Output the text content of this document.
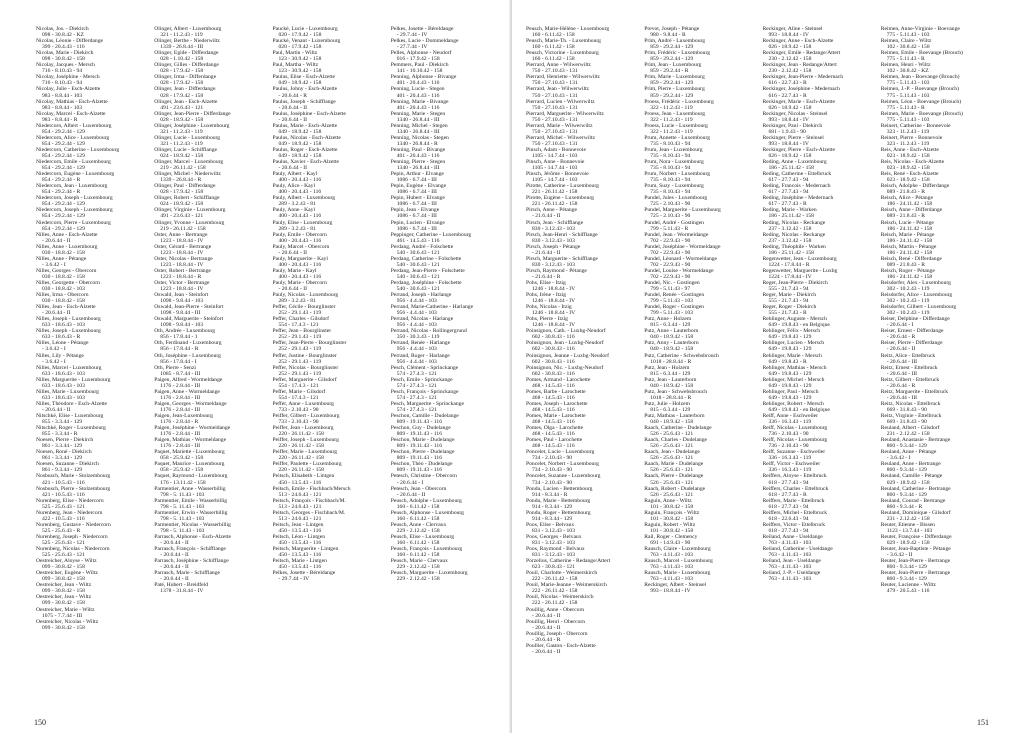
Nicolas, Jos. - Diekirch
098 - 30.8.42 - KZ
Nicolas, Léonie - Differdange
399 - 20.4.43 - 116
Nicolas, Marie - Diekirch
098 - 30.8.42 - 158
Nicolay, Jacques - Mersch
716 - 8.10.43 - 94
Nicolay, Joséphine - Mersch
716 - 8.10.43 - 94
Nicolay, Julie - Esch-Alzette
983 - 8.8.44 - 103
Nicolay, Mathias - Esch-Alzette
983 - 8.8.44 - 103
Nicolay, Marcel - Esch-Alzette
983 - 8.8.44 - R
Niedercorn, Albert - Luxembourg
854 - 29.2.44 - 129
Niedercorn, Alice - Luxembourg
854 - 29.2.44 - 129
Niedercorn, Catherine - Luxembourg
854 - 29.2.44 - 129
Niedercorn, Emile - Luxembourg
854 - 29.2.44 - 129
Niedercorn, Eugène - Luxembourg
854 - 29.2.44 - R
Niedercorn, Jean - Luxembourg
854 - 29.2.44 - R
Niedercorn, Joseph - Luxembourg
854 - 29.2.44 - 129
Niedercorn, Joseph - Luxembourg
854 - 29.2.44 - 129
Niedercorn, Pierre - Luxembourg
854 - 29.2.44 - 129
Nilles, Anne - Esch-Alzette
- 20.6.44 - II
Nilles, Anne - Luxembourg
030 - 18.8.42 - 158
Nilles, Anne - Pétange
- 3.6.42 - I
Nilles, Georges - Obercorn
030 - 18.8.42 - 158
Nilles, Georgette - Obercorn
030 - 18.8.42 - 103
Nilles, Irma - Obercorn
030 - 18.8.42 - 158
Nilles, Jean - Esch-Alzette
- 20.6.44 - II
Nilles, Joseph - Luxembourg
633 - 18.6.43 - 103
Nilles, Joseph - Luxembourg
633 - 18.6.43 - R
Nilles, Léone - Pétange
- 3.6.42 - I
Nilles, Lily - Pétange
- 3.6.42 - I
Nilles, Marcel - Luxembourg
633 - 18.6.43 - 103
Nilles, Marguerite - Luxembourg
633 - 18.6.43 - 103
Nilles, Marie - Luxembourg
633 - 18.6.43 - 103
Nilles, Théodore - Esch-Alzette
- 20.6.44 - II
Nitschké, Elise - Luxembourg
855 - 3.3.44 - 129
Nitschké, Roger - Luxembourg
855 - 3.3.44 - R
Noesen, Pierre - Diekirch
861 - 3.3.44 - 129
Noesen, Roné - Diekirch
861 - 3.3.44 - 129
Noesen, Suzanne - Diekirch
861 - 9.3.44 - 129
Nosbusch, Marie - Stolzembourg
421 - 10.5.43 - 116
Nosbusch, Pierre - Stolzembourg
421 - 10.5.43 - 116
Nurenberg, Elise - Niedercorn
525 - 25.6.43 - 121
Nurenberg, Jean - Niedercorn
422 - 10.5.43 - 116
Nurenberg, Gustave - Niedercorn
525 - 25.6.43 - R
Nurenberg, Joseph - Niedercorn
525 - 25.6.43 - 121
Nurenberg, Nicolas - Niedercorn
525 - 25.6.43 - 121
Oestreicher, Aloyse - Wiltz
099 - 30.8.42 - 158
Oestreicher, Eugène - Wiltz
099 - 30.8.42 - 158
Oestreicher, Jean - Wiltz
099 - 30.8.42 - 158
Oestreicher, Jean - Wiltz
099 - 30.8.42 - 158
Oestreicher, Marie - Wiltz
1075 - 7.7.44 - III
Oestreicher, Nicolas - Wiltz
099 - 30.8.42 - 158
Olinger, Albert - Luxembourg
321 - 11.2.43 - 119
Olinger, Berthe - Niederwiltz
1339 - 26.8.44 - III
Olinger, Egide - Differdange
028 - 1.10.42 - 158
Olinger, Gilles - Differdange
028 - 17.9.42 - 158
Olinger, Irma - Differdange
028 - 17.9.42 - 158
Olinger, Jean - Differdange
028 - 17.9.42 - 158
Olinger, Jean - Esch-Alzette
491 - 23.6.43 - 121
Olinger, Jean-Pierre - Differdange
028 - 18.9.42 - 158
Olinger, Joséphine - Luxembourg
321 - 11.2.43 - 119
Olinger, Lucie - Luxembourg
321 - 11.2.43 - 119
Olinger, Lucie - Schifflange
024 - 18.9.42 - 158
Olinger, Marcel - Luxembourg
219 - 26.11.42 - 158
Olinger, Michel - Niederwiltz
1339 - 26.8.44 - R
Olinger, Paul - Differdange
028 - 17.9.42 - 158
Olinger, Robert - Schifflange
024 - 18.9.42 - 158
Olinger, Virginie - Luxembourg
491 - 23.6.43 - 121
Olinger, Yvonne - Luxembourg
219 - 26.11.42 - 158
Oster, Anne - Bertrange
1223 - 18.8.44 - IV
Oster, Gérard - Bertrange
1223 - 18.8.44 - IV
Oster, Nicolas - Bertrange
1223 - 18.8.44 - IV
Oster, Robert - Bertrange
1223 - 18.8.44 - R
Oster, Victor - Bertrange
1223 - 18.8.44 - IV
Oswald, Jean - Steinfort
1098 - 9.8.44 - 103
Oswald, Jean-Pierre - Steinfort
1098 - 9.8.44 - III
Oswald, Marguerite - Steinfort
1098 - 9.8.44 - 103
Oth, Andrée - Luxembourg
856 - 17.8.44 - 1
Oth, Ferdinand - Luxembourg
856 - 17.8.44 - R
Oth, Joséphine - Luxembourg
856 - 17.8.44 - I
Oth, Pierre - Senzi
1085 - 8.7.44 - III
Paigen, Alfred - Wormeldange
1176 - 2.8.44 - III
Paigen, Anne - Wormeldange
1176 - 2.8.44 - III
Paigen, Georges - Wormeldange
1176 - 2.8.44 - III
Paigen, Jean-Luxembourg
1176 - 2.8.44 - R
Paigen, Joséphine - Wormeldange
1176 - 2.8.44 - III
Paigen, Mathias - Wormeldange
1176 - 2.8.44 - III
Paquet, Mariette - Luxembourg
058 - 25.9.42 - 158
Paquet, Maurice - Luxembourg
058 - 25.9.42 - 158
Paquet, Raymond - Luxembourg
176 - 13.11.42 - 158
Parmentier, Anne - Wasserbillig
798 - 5. 11.43 - 103
Parmentier, Emile - Wasserbillig
798 - 5. 11.43 - 103
Parmentier, Erwin - Wasserbillig
798 - 5. 11.43 - 103
Parmentier, Nicolas - Wasserbillig
798 - 5. 11.43 - 103
Parrasch, Alphonse - Esch-Alzette
- 20.6.44 - II
Parrasch, François - Schifflange
- 20.6.44 - II
Parrasch, Joséphine - Schifflange
- 20.6.44 - II
Parrasch, Marie - Schifflange
- 20.6.44 - II
Paté, Hubert - Breidfeld
1378 - 31.8.44 - IV
Paucké, Lucie - Luxembourg
020 - 17.9.42 - 158
Paucké, Venant - Luxembourg
020 - 17.9.42 - 158
Paul, Martin - Wiltz
123 - 30.9.42 - 158
Paul, Martha - Wiltz
123 - 30.9.42 - 158
Paulus, Elise - Esch-Alzette
049 - 18.9.42 - 158
Paulus, Johny - Esch-Alzette
- 20.6.44 - R
Paulus, Joseph - Schifflange
- 20.6.44 - II
Paulus, Joséphine - Esch-Alzette
- 20.6.44 - II
Paulus, Marie - Esch-Alzette
049 - 18.9.42 - 158
Paulus, Nicolas - Esch-Alzette
049 - 18.9.42 - 158
Paulus, Roger - Esch-Alzette
049 - 18.9.42 - 158
Paulus, Xavier - Esch-Alzette
- 20.6.44 - II
Pauly, Albert - Kayl
400 - 20.4.43 - 116
Pauly, Alice - Kayl
400 - 20.4.43 - 116
Pauly, Albert - Luxembourg
289 - 3.2.43 - 81
Pauly, Anne - Kayl
400 - 20.4.43 - 116
Pauly, Elise - Luxembourg
289 - 3.2.43 - 81
Pauly, Emile - Obercorn
400 - 20.4.43 - 116
Pauly, Marcel - Obercorn
- 20.6.44 - II
Pauly, Marguerite - Kayl
400 - 20.4.43 - 116
Pauly, Marie - Kayl
400 - 20.4.43 - 116
Pauly, Marie - Obercorn
- 20.6.44 - II
Pauly, Nicolas - Luxembourg
289 - 3.2.43 - 81
Peffer, Cécile - Bourglinster
252 - 29.1.43 - 119
Peffer, Charles - Gilsdorf
554 - 17.4.3 - 121
Peffer, Jean - Bourglinster
252 - 29.1.43 - 119
Peffer, Jean-Pierre - Bourglinster
252 - 29.1.43 - 119
Peffer, Justine - Bourglinster
252 - 29.1.43 - 119
Peffer, Nicolas - Bourglinster
252 - 29.1.43 - 119
Peffer, Marguerite - Gilsdorf
554 - 17.4.3 - 121
Peffer, Marie - Gilsdorf
554 - 17.4.3 - 121
Peffer, Anne - Luxembourg
733 - 2.10.43 - 90
Peiffer, Gilbert - Luxembourg
733 - 2.10.43 - 90
Peiffer, Jean - Luxembourg
220 - 26.11.42 - 158
Peiffer, Joseph - Luxembourg
220 - 26.11.42 - 158
Peiffer, Marie - Luxembourg
220 - 26.11.42 - 158
Peiffer, Paulette - Luxembourg
220 - 26.11.42 - 158
Peitsch, Elisabeth - Lintgen
450 - 13.5.43 - 116
Peitsch, Emile - Fischbach/Mersch
513 - 24.6.43 - 121
Peitsch, François - Fischbach/M.
513 - 24.6.43 - 121
Peitsch, Georges - Fischbach/M.
513 - 24.6.43 - 121
Peitsch, Jean - Lintgen
450 - 13.5.43 - 116
Peitsch, Léon - Lintgen
450 - 13.5.43 - 116
Peitsch, Marguerite - Lintgen
450 - 13.5.43 - 116
Peitsch, Marie - Lintgen
450 - 13.5.43 - 116
Pelkes, Josette - Béreldange
- 29.7.44 - IV
Pelkes, Josette - Béreldange
- 29.7.44 - IV
Pelkes, Lucie - Dommeldange
- 27.7.44 - IV
Pelles, Alphonse - Neudorf
016 - 17.9.42 - 158
Pemmers, Paul - Diekirch
141 - 10.10.42 - 158
Penning, Alphonse - Bivange
401 - 20.4.43 - 116
Penning, Lucie - Stegen
401 - 20.4.43 - 116
Penning, Marie - Bivange
401 - 20.4.43 - 116
Penning, Marie - Stegen
1340 - 26.8.44 - III
Penning, Michel - Stegen
1340 - 26.8.44 - III
Penning, Nicolas - Stegen
1340 - 26.8.44 - R
Penning, Paul - Bivange
401 - 20.4.43 - 116
Penning, Pierre - Stegen
1340 - 26.8.44 - III
Pepin, Arthur - Elvange
1086 - 6.7.44 - III
Pepin, Eugène - Elvange
1086 - 6.7.44 - III
Pepin, Hubert - Elvange
1086 - 6.7.44 - III
Pepin, Jean - Elvange
1086 - 6.7.44 - III
Pepin, Lucien - Elvange
1086 - 6.7.44 - III
Peppinger, Catherine - Luxembourg
461 - 14.5.43 - 116
Perdang, André - Folschette
540 - 30.6.43 - 121
Perdang, Catherine - Folschette
540 - 30.6.43 - 121
Perdang, Jean-Pierre - Folschette
540 - 30.6.43 - 121
Perdang, Joséphine - Folschette
540 - 30.6.43 - 121
Perrand, Joseph - Harlange
956 - 4.4.44 - 103
Perrand, Marie-Catherine - Harlange
956 - 4.4.44 - 103
Perrand, Nicolas - Harlange
956 - 4.4.44 - 103
Perrand, Nicolas - Rollingergrund
350 - 30.3.43 - 119
Perrand, Renée - Harlange
956 - 4.4.44 - 103
Perrand, Roger - Harlange
956 - 4.4.44 - 103
Pesch, Clément - Sprinckange
574 - 27.4.3 - 121
Pesch, Emile - Sprinckange
574 - 27.4.3 - 121
Pesch, François - Sprinckange
574 - 27.4.3 - 121
Pesch, Marguerite - Sprinckange
574 - 27.4.3 - 121
Peschon, Camille - Dudelange
809 - 19.11.43 - 116
Peschon, Guy - Dudelange
809 - 19.11.43 - 116
Peschon, Marie - Dudelange
809 - 19.11.43 - 116
Peschon, Pierre - Dudelange
809 - 19.11.43 - 116
Peschon, Théo - Dudelange
809 - 19.11.43 - 116
Petesch, Christine - Obercorn
- 20.6.44 - I
Petesch, Jean - Obercorn
- 20.6.44 - II
Peusch, Adolphe - Luxembourg
160 - 6.11.42 - 158
Peusch, Alphonse - Luxembourg
160 - 6.11.42 - 158
Peusch, Anne - Clervaux
229 - 2.12.42 - 158
Peusch, Elise - Luxembourg
160 - 6.11.42 - 158
Peusch, François - Luxembourg
160 - 6.11.42 - 158
Peusch, Marie - Clervaux
229 - 2.12.42 - 158
Peusch, Marguerite - Luxembourg
229 - 2.12.42 - 158
150
Peusch, Marie-Hélène - Luxembourg
160 - 6.11.42 - 158
Peusch, Marie-Th. - Luxembourg
160 - 6.11.42 - 158
Peusch, Victorine - Luxembourg
160 - 6.11.42 - 158
Pierrard, Anne - Wilwerwiltz
750 - 27.10.43 - 131
Pierrard, Henriette - Wilwerwiltz
750 - 27.10.43 - 131
Pierrard, Jean - Wilwerwiltz
750 - 27.10.43 - 131
Pierrard, Lucien - Wilwerwiltz
750 - 27.10.43 - 131
Pierrard, Marguerite - Wilwerwiltz
750 - 27.10.43 - 131
Pierrard, Marie - Wilwerwiltz
750 - 27.10.43 - 131
Pierrard, Michel - Wilwerwiltz
750 - 27.10.43 - 131
Pinsch, Adam - Bonnevoie
1105 - 14.7.44 - 103
Pinsch, Anne - Bonnevoie
1105 - 14.7.44 - 103
Pinsch, Jérôme - Bonnevoie
1105 - 14.7.44 - 103
Pirotte, Catherine - Luxembourg
221 - 26.11.42 - 158
Pirotte, Eugène - Luxembourg
221 - 26.11.42 - 158
Pirsch, Anne - Pétange
- 21.6.44 - II
Pirsch, Jean - Schifflange
830 - 3.12.43 - 103
Pirsch, Jean-Henri - Schifflange
830 - 3.12.43 - 103
Pirsch, Joseph - Pétange
- 21.6.44 - II
Pirsch, Marguerite - Schifflange
830 - 3.12.43 - 103
Pirsch, Raymond - Pétange
- 21.6.44 - R
Pohs, Elise - Itzig
1246 - 18.8.44 - IV
Pohs, Irène - Itzig
1246 - 18.8.44 - IV
Pohs, Nicolas - Itzig
1246 - 18.8.44 - IV
Pohs, Pierre - Itzig
1246 - 18.8.44 - IV
Poinsignon, Cath. - Luxbg-Neudorf
602 - 30.8.43 - 116
Poinsignon, Jean - Luxbg-Neudorf
602 - 30.8.43 - 116
Poinsignon, Jeanne - Luxbg-Neudorf
602 - 30.8.43 - 116
Poinsignon, Nic. - Luxbg-Neudorf
602 - 30.8.43 - 116
Pomes, Armand - Larochette
468 - 14.5.43 - 116
Pomes, Barbe - Larochette
468 - 14.5.43 - 116
Pomes, Joseph - Larochette
468 - 14.5.43 - 116
Pomes, Marie - Larochette
468 - 14.5.43 - 116
Pomes, Olga - Larochette
468 - 14.5.43 - 116
Pomes, Paul - Larochette
468 - 14.5.43 - 116
Poncelet, Lucie - Luxembourg
734 - 2.10.43 - 90
Poncelet, Norbert - Luxembourg
734 - 2.10.43 - 90
Poncelet, Suzanne - Luxembourg
734 - 2.10.43 - 90
Pondu, Lucien - Bettembourg
914 - 8.3.44 - R
Pondu, Marie - Bettembourg
914 - 8.3.44 - 129
Pondu, Roger - Bettembourg
914 - 8.3.44 - 129
Poos, Elise - Belvaux
831 - 3.12.43 - 103
Poos, Georges - Belvaux
831 - 3.12.43 - 103
Poos, Raymond - Belvaux
831 - 3.12.43 - 103
Porzelius, Catherine - Redange/Attert
623 - 30.8.43 - 121
Pouil, Charlotte - Weimerskirch
222 - 26.11.42 - 158
Pouil, Marie-Jeanne - Weimerskirch
222 - 26.11.42 - 158
Pouil, Nicolas - Weimerskirch
222 - 26.11.42 - 158
Pouillig, Anne - Obercorn
- 20.6.44 - II
Pouillig, Henri - Obercorn
- 20.6.44 - II
Pouillig, Joseph - Obercorn
- 20.6.44 - R
Poullier, Gaston - Esch-Alzette
- 20.6.44 - II
Prevot, Joseph - Pétange
980 - 9.8.44 - R
Prim, André - Luxembourg
859 - 29.2.44 - 129
Prim, Frédéric - Luxembourg
859 - 29.2.44 - 129
Prim, Jean - Luxembourg
859 - 29.2.44 - R
Prim, Marie - Luxembourg
859 - 29.2.44 - 129
Prim, Pierre - Luxembourg
859 - 29.2.44 - 129
Proess, Frédéric - Luxembourg
322 - 11.2.43 - 119
Proess, Jean - Luxembourg
322 - 11.2.43 - 119
Proess, Lucie - Luxembourg
322 - 11.2.43 - 119
Prum, Annette - Luxembourg
735 - 8.10.43 - 94
Prum, Jean - Luxembourg
735 - 8.10.43 - 94
Prum, Nora - Luxembourg
735 - 8.10.43 - 94
Prum, Norbert - Luxembourg
735 - 8.10.43 - 94
Prum, Suzy - Luxembourg
735 - 8.10.43 - 94
Pundel, Jules - Luxembourg
725 - 2.10.43 - 90
Pundel, Marguerite - Luxembourg
725 - 2.10.43 - 90
Pundel, André - Gostingen
799 - 5.11.43 - R
Pundel, Jean - Wormeldange
702 - 22.9.43 - 90
Pundel, Joséphine - Wormeldange
702 - 22.9.43 - 90
Pundel, Léonard - Wormeldange
702 - 22.9.43 - 90
Pundel, Louise - Wormeldange
702 - 22.9.43 - 90
Pundel, Nic. - Gostingen
799 - 5.11.43 - 97
Pundel, Renée - Gostingen
799 - 5.11.43 - 103
Pundel, Roger - Gostingen
799 - 5.11.43 - 103
Putz, Anne - Holzem
815 - 6.3.44 - 129
Putz, Anne - Lauterborn
040 - 18.9.42 - 158
Putz, Anny - Lauterborn
040 - 18.9.42 - 158
Putz, Catherine - Schwebsbrouch
1018 - 28.8.44 - R
Putz, Jean - Holzem
815 - 6.3.44 - 129
Putz, Jean - Lauterborn
040 - 18.9.42 - 158
Putz, Jean - Schwebsbrouch
1018 - 28.8.44 - R
Putz, Julie - Holzem
815 - 6.3.44 - 129
Putz, Mathias - Lauterborn
040 - 18.9.42 - 158
Raach, Catherine - Dudelange
526 - 25.6.43 - 121
Raach, Charles - Dudelange
526 - 25.6.43 - 121
Raach, Jean - Dudelange
526 - 25.6.43 - 121
Raach, Marie - Dudelange
526 - 25.6.43 - 121
Raach, Pierre - Dudelange
526 - 25.6.43 - 121
Raach, Robert - Dudelange
526 - 25.6.43 - 121
Raguin, Anne - Wiltz
101 - 30.8.42 - 158
Raguin, François - Wiltz
101 - 30.8.42 - 158
Raguin, Robert - Wiltz
101 - 30.8.42 - 158
Rail, Roger - Clemency
691 - 14.9.43 - 90
Rausch, Claire - Luxembourg
763 - 4.11.43 - 103
Rausch, Marcel - Luxembourg
763 - 4.11.43 - 103
Rausch, Marie - Luxembourg
763 - 4.11.43 - 103
Reckinger, Albert - Steinsel
993 - 18.8.44 - IV
Reckinger, Aline - Steinsel
993 - 18.8.44 - IV
Reckinger, Anne - Esch-Alzette
026 - 18.9.42 - 158
Reckinger, Emile - Redange/Attert
230 - 2.12.42 - 158
Reckinger, Jean - Redange/Attert
230 - 2.12.42 - 158
Reckinger, Jean-Pierre - Medernach
616 - 22.7.43 - R
Reckinger, Joséphine - Medernach
616 - 22.7.43 - R
Reckinger, Marie - Esch-Alzette
026 - 18.9.42 - 158
Reckinger, Nicolas - Steinsel
993 - 18.8.44 - IV
Reckinger, Paul - Diekirch
681 - 1.9.43 - 90
Reckinger, Pierre - Steinsel
993 - 18.8.44 - IV
Reckinger, Pierre - Esch-Alzette
026 - 18.9.42 - 158
Reding, Anne - Luxembourg
186 - 25.11.42 - 158
Reding, Catherine - Ettelbruck
617 - 27.7.43 - 94
Reding, Francois - Medernach
617 - 27.7.43 - 94
Reding, Joséphine - Medernach
617 - 27.7.43 - R
Reding, Marie - Warken
186 - 25.11.42 - 158
Reding, Nicolas - Reckange
237 - 3.12.42 - 158
Reding, Nicolas - Reckange
237 - 3.12.42 - 158
Reding, Théophile - Warken
186 - 25.11.42 - 158
Regenwetter, Jean - Luxembourg
1224 - 17.8.44 - R
Regenwetter, Marguerite - Luxbg
1224 - 17.8.44 - IV
Reger, Jean-Pierre - Diekirch
555 - 21.7.43 - 94
Reger, Marie - Diekirch
555 - 21.7.43 - 94
Reger, Roger - Diekirch
555 - 21.7.43 - R
Rehlinger, Auguste - Mersch
649 - 19.8.43 - en Belgique
Rehlinger, Félix - Mersch
649 - 19.8.43 - 129
Rehlinger, Lucien - Mersch
649 - 19.8.43 - 129
Rehlinger, Marie - Mersch
649 - 19.8.43 - R
Rehlinger, Mathias - Mersch
649 - 19.8.43 - 129
Rehlinger, Michel - Mersch
649 - 19.8.43 - 129
Rehlinger, Paul - Mersch
649 - 19.8.43 - 129
Rehlinger, Robert - Mersch
649 - 19.8.43 - en Belgique
Reiff, Anne - Eschweiler
336 - 16.3.43 - 119
Reiff, Nicolas - Luxembourg
736 - 2.10.43 - 90
Reiff, Nicolas - Luxembourg
736 - 2.10.43 - 90
Reiff, Suzanne - Eschweiler
336 - 16.3.43 - 119
Reiff, Victor - Eschweiler
336 - 16.3.43 - 119
Reiffers, Aloyse - Ettelbruck
618 - 27.7.43 - 94
Reiffers, Charles - Ettelbruck
618 - 27.7.43 - R
Reiffers, Marie - Ettelbruck
618 - 27.7.43 - 94
Reiffers, Michel - Ettelbruck
618 - 22.6.43 - 94
Reiffers, Victor - Ettelbruck
618 - 27.7.43 - 94
Reiland, Anne - Useldange
763 - 4.11.43 - 103
Reiland, Catherine - Useldange
763 - 4.11.43 - 103
Reiland, Jean - Useldange
763 - 4.11.43 - 103
Reiland, J.-P. - Useldange
763 - 4.11.43 - 103
Reimen, Anne-Virginie - Boevange
775 - 5.11.43 - 103
Reimen, Claire - Wiltz
102 - 30.8.42 - 158
Reimen, Emile - Boevange (Brouch)
775 - 5.11.43 - R
Reimen, Henri - Wiltz
102 - 30.8.42 - KZ
Reimen, Jean - Boevange (Brouch)
775 - 5.11.43 - 103
Reimen, J.-P. - Boevange (Brouch)
775 - 5.11.43 - 103
Reimen, Léon - Boevange (Brouch)
775 - 5.11.43 - R
Reimen, Marie - Boevange (Brouch)
775 - 5.11.43 - 103
Reinert, Catherine - Bonnevoie
323 - 11.2.43 - 119
Reinert, Pierre - Bonnevoie
323 - 11.2.43 - 119
Reis, Anne - Esch-Alzette
023 - 18.9.42 - 158
Reis, Nicolas - Esch-Alzette
023 - 18.9.42 - 158
Reis, René - Esch-Alzette
023 - 18.9.42 - 158
Reisch, Adolphe - Differdange
089 - 21.8.43 - R
Reisch, Alice - Pétange
186 - 24.11.42 - 158
Reisch, Anne - Differdange
089 - 21.8.43 - R
Reisch, Lucie - Pétange
186 - 24.11.42 - 158
Reisch, Marie - Pétange
186 - 24.11.42 - 158
Reisch, Martin - Pétange
186 - 24.11.42 - 158
Reisch, René - Differdange
089 - 21.8.43 - R
Reisch, Roger - Pétange
186 - 24.11.42 - 158
Reisdorfer, Alex - Luxembourg
302 - 10.2.43 - 119
Reisdorfer, Alice - Luxembourg
302 - 10.2.43 - 119
Reisdorfer, Gilbert - Luxembourg
302 - 10.2.43 - 119
Reiser, Delphine - Differdange
- 20.6.44 - I
Reiser, Ernest - Differdange
- 20.6.44 - R
Reiser, Pierre - Differdange
- 20.6.44 - II
Reitz, Alice - Ettelbruck
- 20.6.44 - III
Reitz, Ernest - Ettelbruck
- 20.6.44 - III
Reitz, Gilbert - Ettelbruck
- 20.6.44 - R
Reitz, Marguerite - Ettelbruck
- 20.6.44 - III
Reitz, Nicolas - Ettelbruck
669 - 31.8.43 - 90
Reitz, Virginie - Ettelbruck
669 - 31.8.43 - 90
Reuland, Albert - Gilsdorf
231 - 2.12.42 - 158
Reuland, Anastasie - Bertrange
860 - 9.3.44 - 129
Reuland, Anne - Pétange
- 3.6.42 - I
Reuland, Anne - Bertrange
860 - 9.3.44 - 129
Reuland, Camille - Pétange
029 - 18.9.42 - 158
Reuland, Catherine - Bertrange
860 - 9.3.44 - 129
Reuland, Conrad - Bertrange
860 - 9.3.44 - R
Reuland, Dominique - Gilsdorf
231 - 2.12.42 - 158
Reuter, Etienne - Bissen
1123 - 13.7.44 - 103
Reuter, Françoise - Differdange
029 - 18.9.42 - 158
Reuter, Jean-Baptiste - Pétange
- 3.6.42 - II
Reuter, Jean-Pierre - Bertrange
860 - 9.3.44 - 129
Reuter, Jean-Pierre - Bertrange
860 - 9.3.44 - 129
Reuter, Lucienne - Wiltz
479 - 20.5.43 - 116
151
